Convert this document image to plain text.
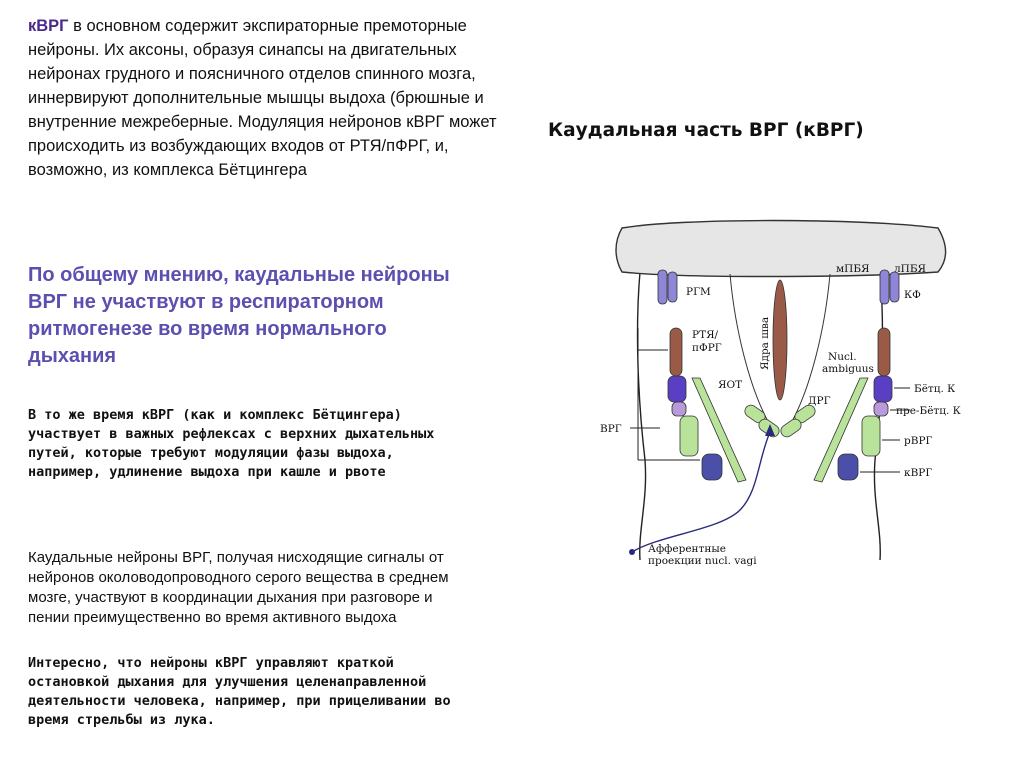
кВРГ в основном содержит экспираторные премоторные нейроны. Их аксоны, образуя синапсы на двигательных нейронах грудного и поясничного отделов спинного мозга, иннервируют дополнительные мышцы выдоха (брюшные и внутренние межреберные. Модуляция нейронов кВРГ может происходить из возбуждающих входов от РТЯ/пФРГ, и, возможно, из комплекса Бётцингера
По общему мнению, каудальные нейроны ВРГ не участвуют в респираторном ритмогенезе во время нормального дыхания
В то же время кВРГ (как и комплекс Бётцингера) участвует в важных рефлексах с верхних дыхательных путей, которые требуют модуляции фазы выдоха, например, удлинение выдоха при кашле и рвоте
Каудальные нейроны ВРГ, получая нисходящие сигналы от нейронов околоводопроводного серого вещества в среднем мозге, участвуют в координации дыхания при разговоре и пении преимущественно во время активного выдоха
Интересно, что нейроны кВРГ управляют краткой остановкой дыхания для улучшения целенаправленной деятельности человека, например, при прицеливании во время стрельбы из лука.
Каудальная часть ВРГ (кВРГ)
Ядра шва
РГМ
мПБЯ лПБЯ
КФ
РТЯ/
пФРГ
Nucl.
ambiguus
ЯОТ
ДРГ
Бётц. К
пре-Бётц. К
рВРГ
кВРГ
ВРГ
Афферентные
проекции nucl. vagi
